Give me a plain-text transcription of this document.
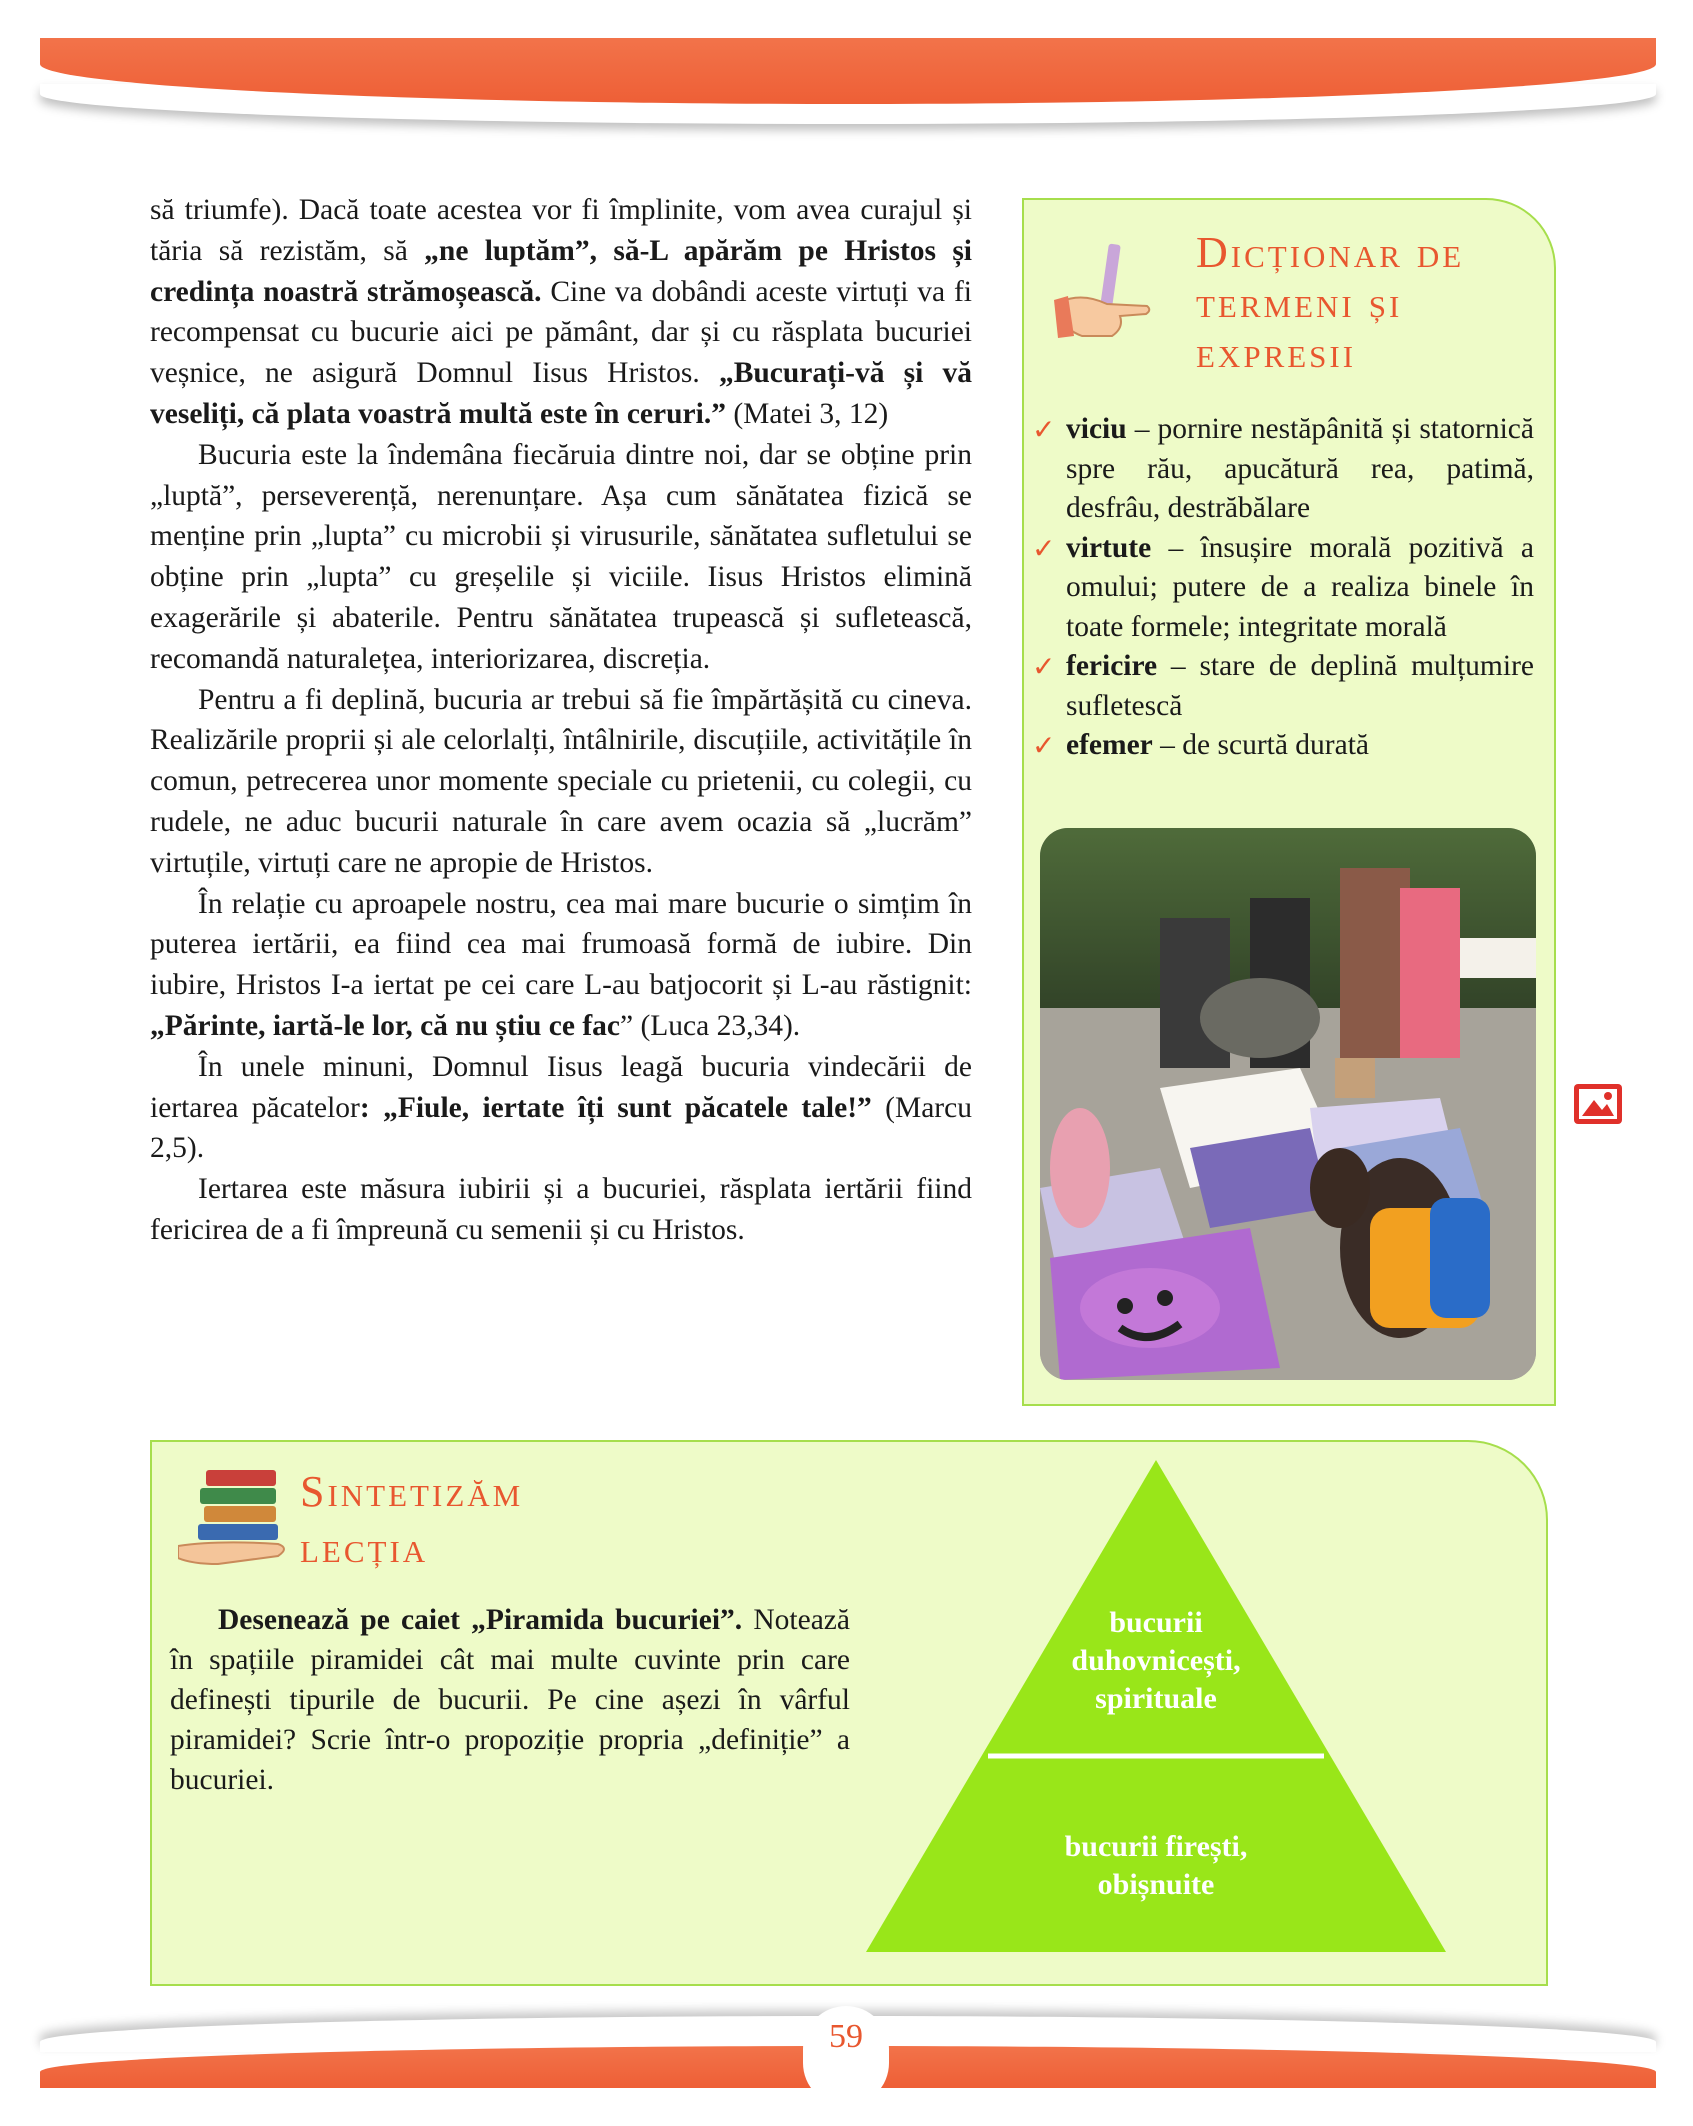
59

să triumfe). Dacă toate acestea vor fi împlinite, vom avea curajul și tăria să rezistăm, să „ne luptăm”, să-L apărăm pe Hristos și credința noastră strămoșească. Cine va dobândi aceste virtuți va fi recompensat cu bucurie aici pe pământ, dar și cu răsplata bucuriei veșnice, ne asigură Domnul Iisus Hristos. „Bucurați-vă și vă veseliți, că plata voastră multă este în ceruri.” (Matei 3, 12)

Bucuria este la îndemâna fiecăruia dintre noi, dar se obține prin „luptă”, perseverență, nerenunțare. Așa cum sănătatea fizică se menține prin „lupta” cu microbii și virusurile, sănătatea sufletului se obține prin „lupta” cu greșelile și viciile. Iisus Hristos elimină exagerările și abaterile. Pentru sănătatea trupească și sufletească, recomandă naturalețea, interiorizarea, discreția.

Pentru a fi deplină, bucuria ar trebui să fie împărtășită cu cineva. Realizările proprii și ale celorlalți, întâlnirile, discuțiile, activitățile în comun, petrecerea unor momente speciale cu prietenii, cu colegii, cu rudele, ne aduc bucurii naturale în care avem ocazia să „lucrăm” virtuțile, virtuți care ne apropie de Hristos.

În relație cu aproapele nostru, cea mai mare bucurie o simțim în puterea iertării, ea fiind cea mai frumoasă formă de iubire. Din iubire, Hristos I-a iertat pe cei care L-au batjocorit și L-au răstignit: „Părinte, iartă-le lor, că nu știu ce fac” (Luca 23,34).

În unele minuni, Domnul Iisus leagă bucuria vindecării de iertarea păcatelor: „Fiule, iertate îți sunt păcatele tale!” (Marcu 2,5).

Iertarea este măsura iubirii și a bucuriei, răsplata iertării fiind fericirea de a fi împreună cu semenii și cu Hristos.

Dicționar de termeni și expresii
✓ viciu – pornire nestăpânită și statornică spre rău, apucătură rea, patimă, desfrâu, destrăbălare
✓ virtute – însușire morală pozitivă a omului; putere de a realiza binele în toate formele; integritate morală
✓ fericire – stare de deplină mulțumire sufletescă
✓ efemer – de scurtă durată
Sintetizăm lecția

Desenează pe caiet „Piramida bucuriei”. Notează în spațiile piramidei cât mai multe cuvinte prin care definești tipurile de bucurii. Pe cine așezi în vârful piramidei? Scrie într-o propoziție propria „definiție” a bucuriei.

bucurii duhovnicești, spirituale
bucurii firești, obișnuite
